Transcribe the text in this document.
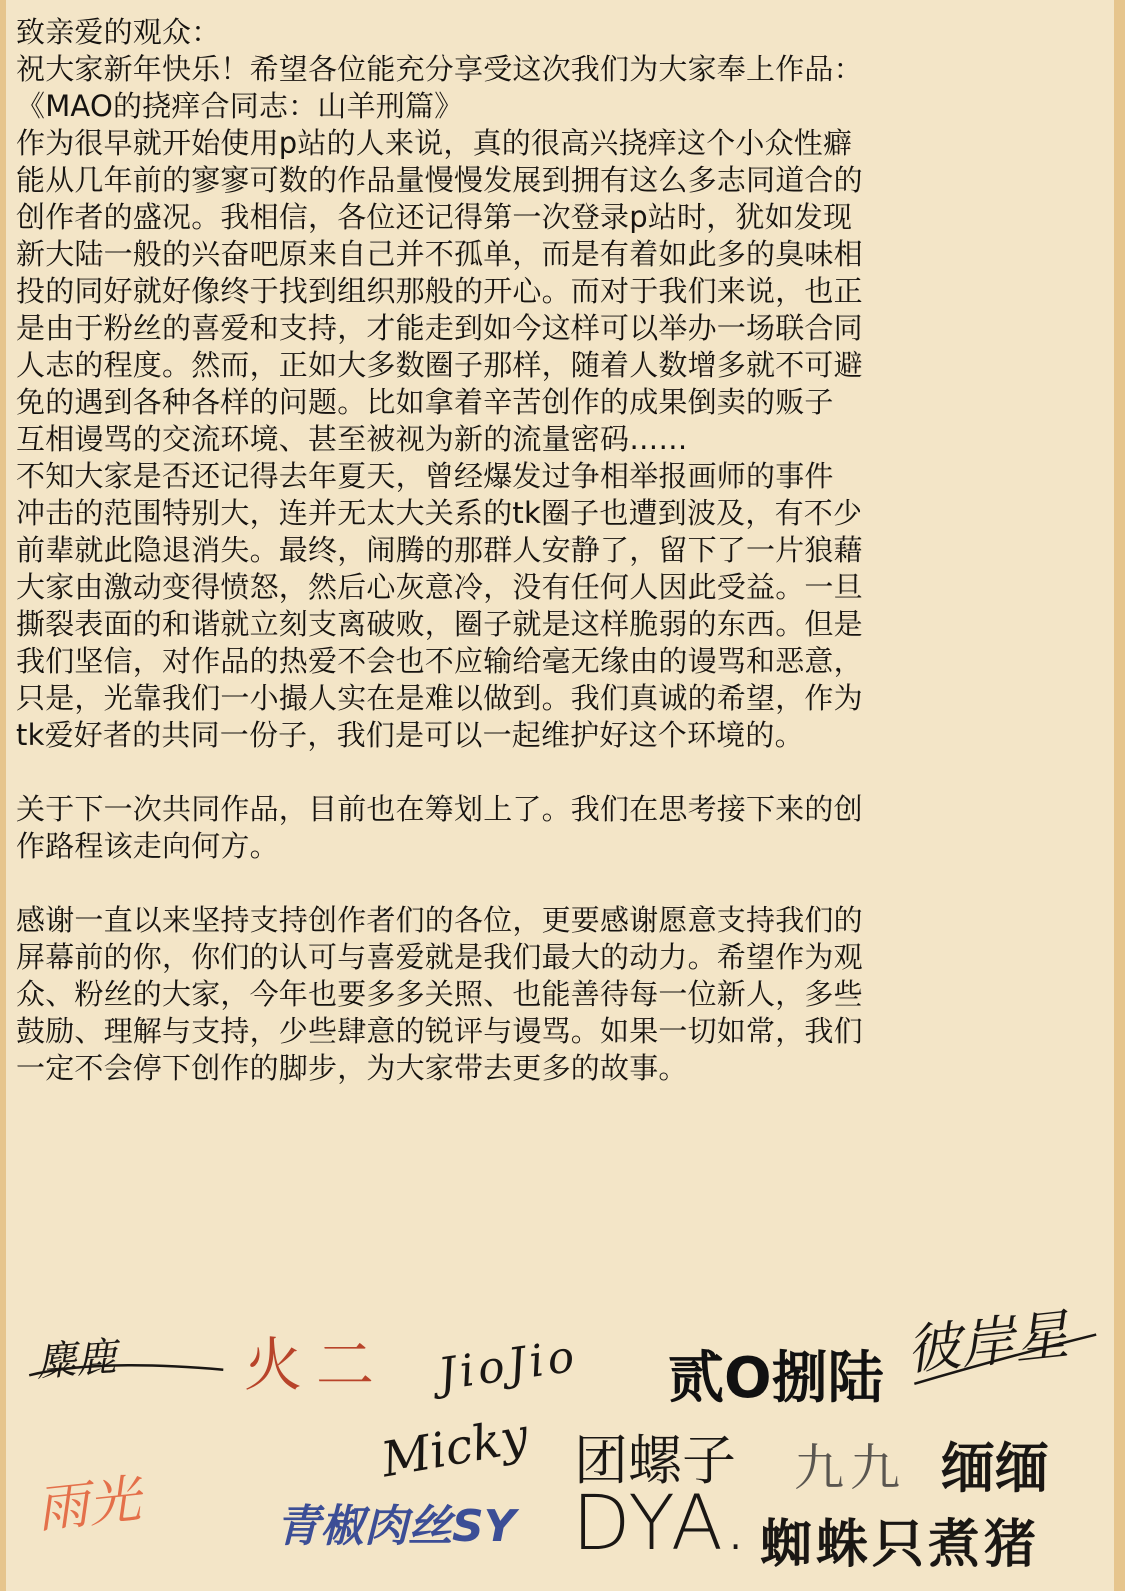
致亲爱的观众：

祝大家新年快乐！希望各位能充分享受这次我们为大家奉上作品：

《MAO的挠痒合同志：山羊刑篇》

作为很早就开始使用p站的人来说，真的很高兴挠痒这个小众性癖

能从几年前的寥寥可数的作品量慢慢发展到拥有这么多志同道合的

创作者的盛况。我相信，各位还记得第一次登录p站时，犹如发现

新大陆一般的兴奋吧原来自己并不孤单，而是有着如此多的臭味相

投的同好就好像终于找到组织那般的开心。而对于我们来说，也正

是由于粉丝的喜爱和支持，才能走到如今这样可以举办一场联合同

人志的程度。然而，正如大多数圈子那样，随着人数增多就不可避

免的遇到各种各样的问题。比如拿着辛苦创作的成果倒卖的贩子

互相谩骂的交流环境、甚至被视为新的流量密码……

不知大家是否还记得去年夏天，曾经爆发过争相举报画师的事件

冲击的范围特别大，连并无太大关系的tk圈子也遭到波及，有不少

前辈就此隐退消失。最终，闹腾的那群人安静了，留下了一片狼藉

大家由激动变得愤怒，然后心灰意冷，没有任何人因此受益。一旦

撕裂表面的和谐就立刻支离破败，圈子就是这样脆弱的东西。但是

我们坚信，对作品的热爱不会也不应输给毫无缘由的谩骂和恶意，

只是，光靠我们一小撮人实在是难以做到。我们真诚的希望，作为

tk爱好者的共同一份子，我们是可以一起维护好这个环境的。

关于下一次共同作品，目前也在筹划上了。我们在思考接下来的创

作路程该走向何方。

感谢一直以来坚持支持创作者们的各位，更要感谢愿意支持我们的

屏幕前的你，你们的认可与喜爱就是我们最大的动力。希望作为观

众、粉丝的大家，今年也要多多关照、也能善待每一位新人，多些

鼓励、理解与支持，少些肆意的锐评与谩骂。如果一切如常，我们

一定不会停下创作的脚步，为大家带去更多的故事。

麋鹿 火二 JioJio 贰O捌陆 彼岸星
Micky 团螺子 九九 缅缅
雨光	青椒肉丝SY DYA. 蜘蛛只煮猪
